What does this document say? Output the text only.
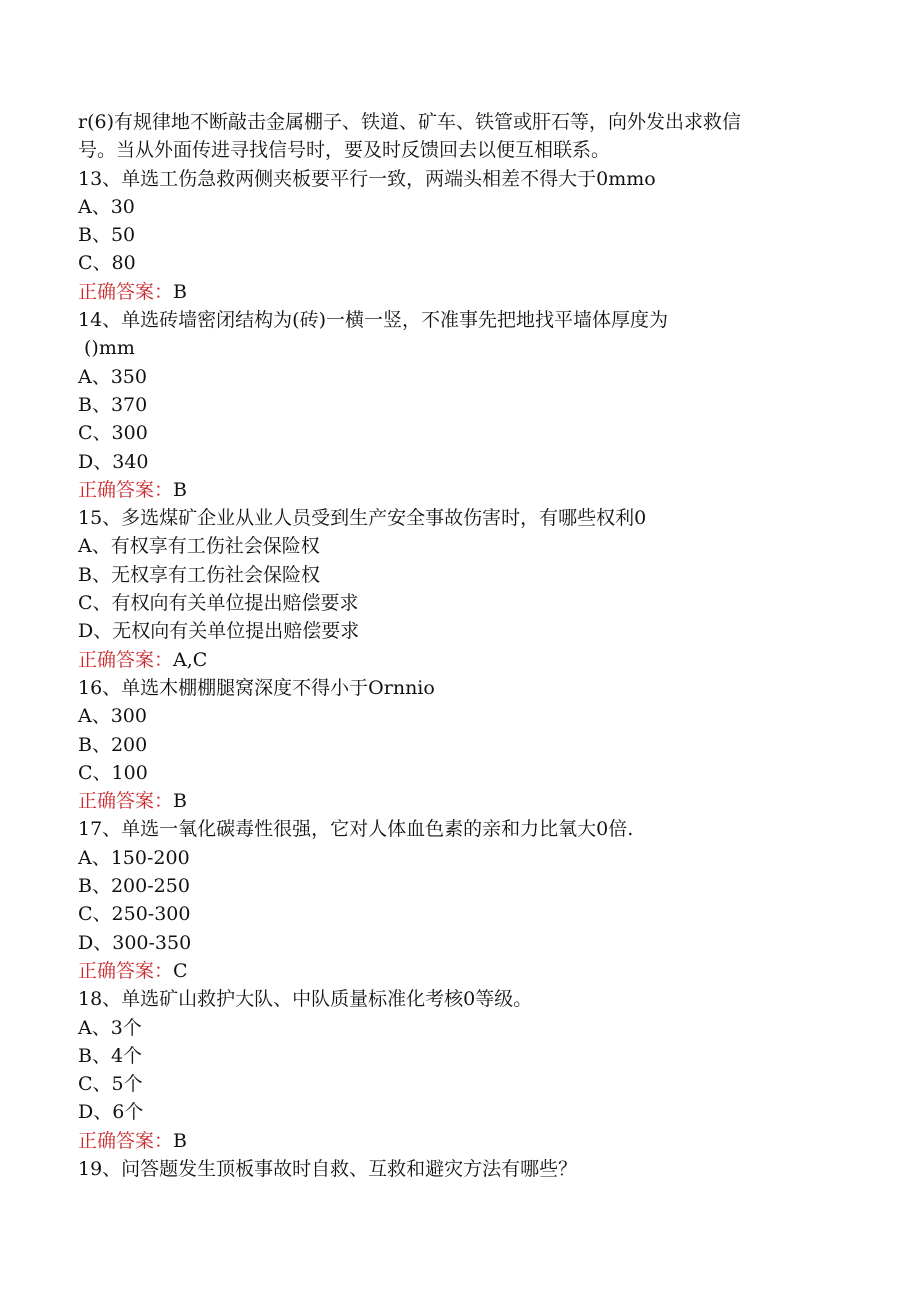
r(6)有规律地不断敲击金属棚子、铁道、矿车、铁管或肝石等，向外发出求救信
号。当从外面传进寻找信号时，要及时反馈回去以便互相联系。
13、单选工伤急救两侧夹板要平行一致，两端头相差不得大于0mmo
A、30
B、50
C、80
正确答案：B
14、单选砖墙密闭结构为(砖)一横一竖，不准事先把地找平墙体厚度为
()mm
A、350
B、370
C、300
D、340
正确答案：B
15、多选煤矿企业从业人员受到生产安全事故伤害时，有哪些权利0
A、有权享有工伤社会保险权
B、无权享有工伤社会保险权
C、有权向有关单位提出赔偿要求
D、无权向有关单位提出赔偿要求
正确答案：A,C
16、单选木棚棚腿窝深度不得小于Ornnio
A、300
B、200
C、100
正确答案：B
17、单选一氧化碳毒性很强，它对人体血色素的亲和力比氧大0倍.
A、150-200
B、200-250
C、250-300
D、300-350
正确答案：C
18、单选矿山救护大队、中队质量标准化考核0等级。
A、3个
B、4个
C、5个
D、6个
正确答案：B
19、问答题发生顶板事故时自救、互救和避灾方法有哪些？
